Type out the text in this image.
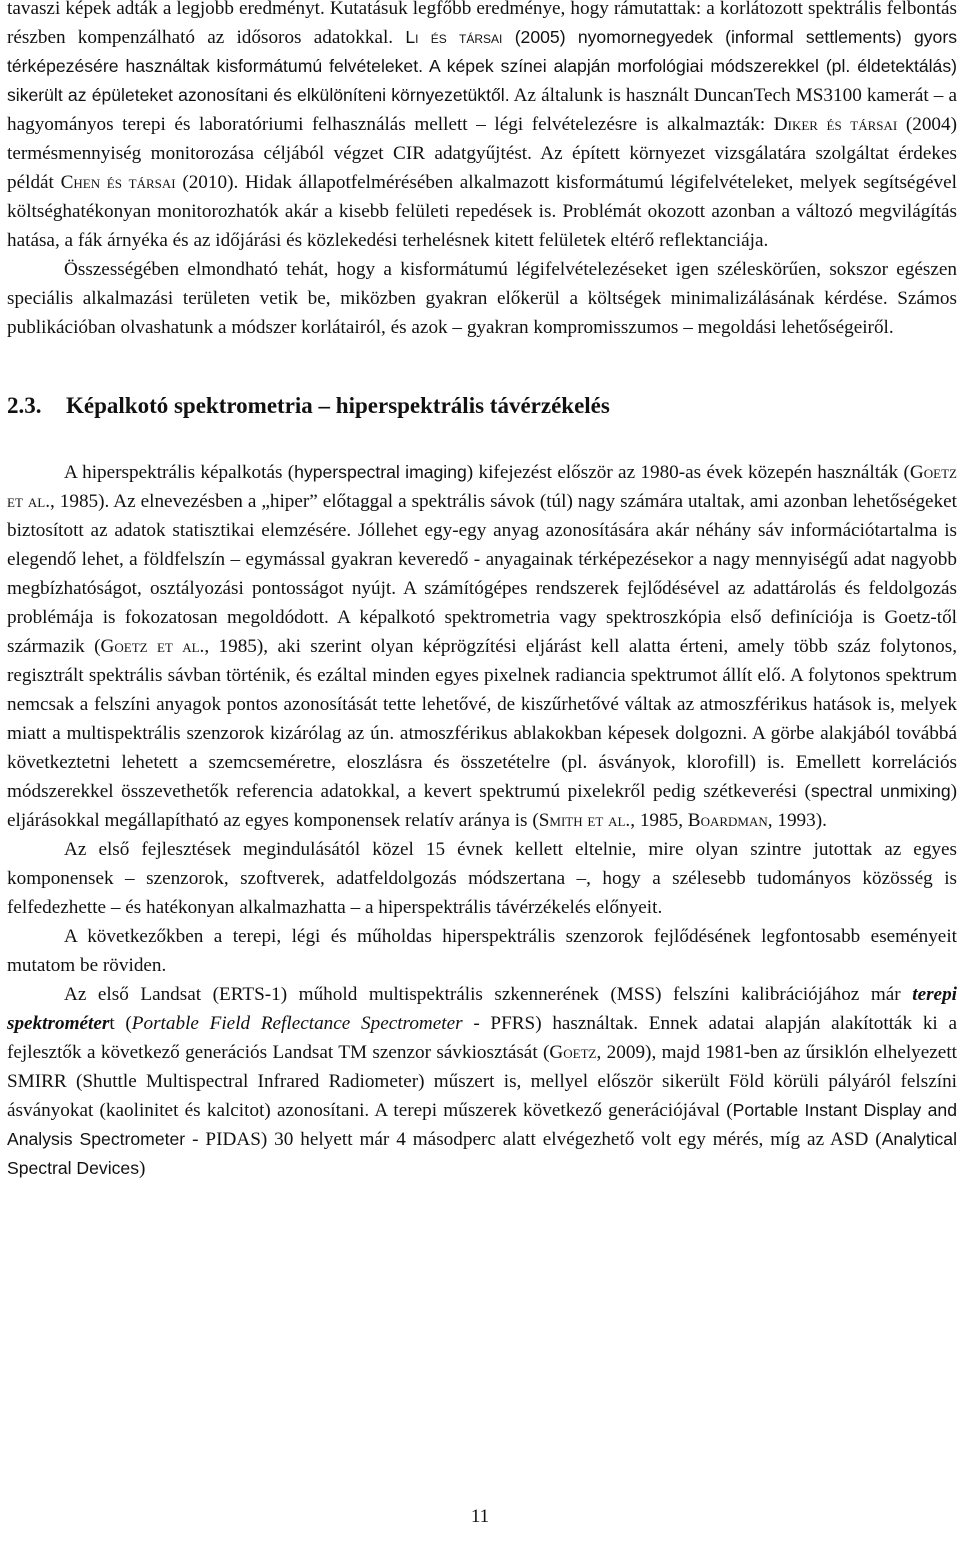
tavaszi képek adták a legjobb eredményt. Kutatásuk legfőbb eredménye, hogy rámutattak: a korlátozott spektrális felbontás részben kompenzálható az idősoros adatokkal. Li és társai (2005) nyomornegyedek (informal settlements) gyors térképezésére használtak kisformátumú felvételeket. A képek színei alapján morfológiai módszerekkel (pl. éldetektálás) sikerült az épületeket azonosítani és elkülöníteni környezetüktől. Az általunk is használt DuncanTech MS3100 kamerát – a hagyományos terepi és laboratóriumi felhasználás mellett – légi felvételezésre is alkalmazták: Diker és társai (2004) termésmennyiség monitorozása céljából végzet CIR adatgyűjtést. Az épített környezet vizsgálatára szolgáltat érdekes példát Chen és társai (2010). Hidak állapotfelmérésében alkalmazott kisformátumú légifelvételeket, melyek segítségével költséghatékonyan monitorozhatók akár a kisebb felületi repedések is. Problémát okozott azonban a változó megvilágítás hatása, a fák árnyéka és az időjárási és közlekedési terhelésnek kitett felületek eltérő reflektanciája.

Összességében elmondható tehát, hogy a kisformátumú légifelvételezéseket igen széleskörűen, sokszor egészen speciális alkalmazási területen vetik be, miközben gyakran előkerül a költségek minimalizálásának kérdése. Számos publikációban olvashatunk a módszer korlátairól, és azok – gyakran kompromisszumos – megoldási lehetőségeiről.

2.3. Képalkotó spektrometria – hiperspektrális távérzékelés

A hiperspektrális képalkotás (hyperspectral imaging) kifejezést először az 1980-as évek közepén használták (Goetz et al., 1985). Az elnevezésben a „hiper” előtaggal a spektrális sávok (túl) nagy számára utaltak, ami azonban lehetőségeket biztosított az adatok statisztikai elemzésére. Jóllehet egy-egy anyag azonosítására akár néhány sáv információtartalma is elegendő lehet, a földfelszín – egymással gyakran keveredő - anyagainak térképezésekor a nagy mennyiségű adat nagyobb megbízhatóságot, osztályozási pontosságot nyújt. A számítógépes rendszerek fejlődésével az adattárolás és feldolgozás problémája is fokozatosan megoldódott. A képalkotó spektrometria vagy spektroszkópia első definíciója is Goetz-től származik (Goetz et al., 1985), aki szerint olyan képrögzítési eljárást kell alatta érteni, amely több száz folytonos, regisztrált spektrális sávban történik, és ezáltal minden egyes pixelnek radiancia spektrumot állít elő. A folytonos spektrum nemcsak a felszíni anyagok pontos azonosítását tette lehetővé, de kiszűrhetővé váltak az atmoszférikus hatások is, melyek miatt a multispektrális szenzorok kizárólag az ún. atmoszférikus ablakokban képesek dolgozni. A görbe alakjából továbbá következtetni lehetett a szemcseméretre, eloszlásra és összetételre (pl. ásványok, klorofill) is. Emellett korrelációs módszerekkel összevethetők referencia adatokkal, a kevert spektrumú pixelekről pedig szétkeverési (spectral unmixing) eljárásokkal megállapítható az egyes komponensek relatív aránya is (Smith et al., 1985, Boardman, 1993).

Az első fejlesztések megindulásától közel 15 évnek kellett eltelnie, mire olyan szintre jutottak az egyes komponensek – szenzorok, szoftverek, adatfeldolgozás módszertana –, hogy a szélesebb tudományos közösség is felfedezhette – és hatékonyan alkalmazhatta – a hiperspektrális távérzékelés előnyeit.

A következőkben a terepi, légi és műholdas hiperspektrális szenzorok fejlődésének legfontosabb eseményeit mutatom be röviden.

Az első Landsat (ERTS-1) műhold multispektrális szkennerének (MSS) felszíni kalibrációjához már terepi spektrométert (Portable Field Reflectance Spectrometer - PFRS) használtak. Ennek adatai alapján alakították ki a fejlesztők a következő generációs Landsat TM szenzor sávkiosztását (Goetz, 2009), majd 1981-ben az űrsiklón elhelyezett SMIRR (Shuttle Multispectral Infrared Radiometer) műszert is, mellyel először sikerült Föld körüli pályáról felszíni ásványokat (kaolinitet és kalcitot) azonosítani. A terepi műszerek következő generációjával (Portable Instant Display and Analysis Spectrometer - PIDAS) 30 helyett már 4 másodperc alatt elvégezhető volt egy mérés, míg az ASD (Analytical Spectral Devices)

11
